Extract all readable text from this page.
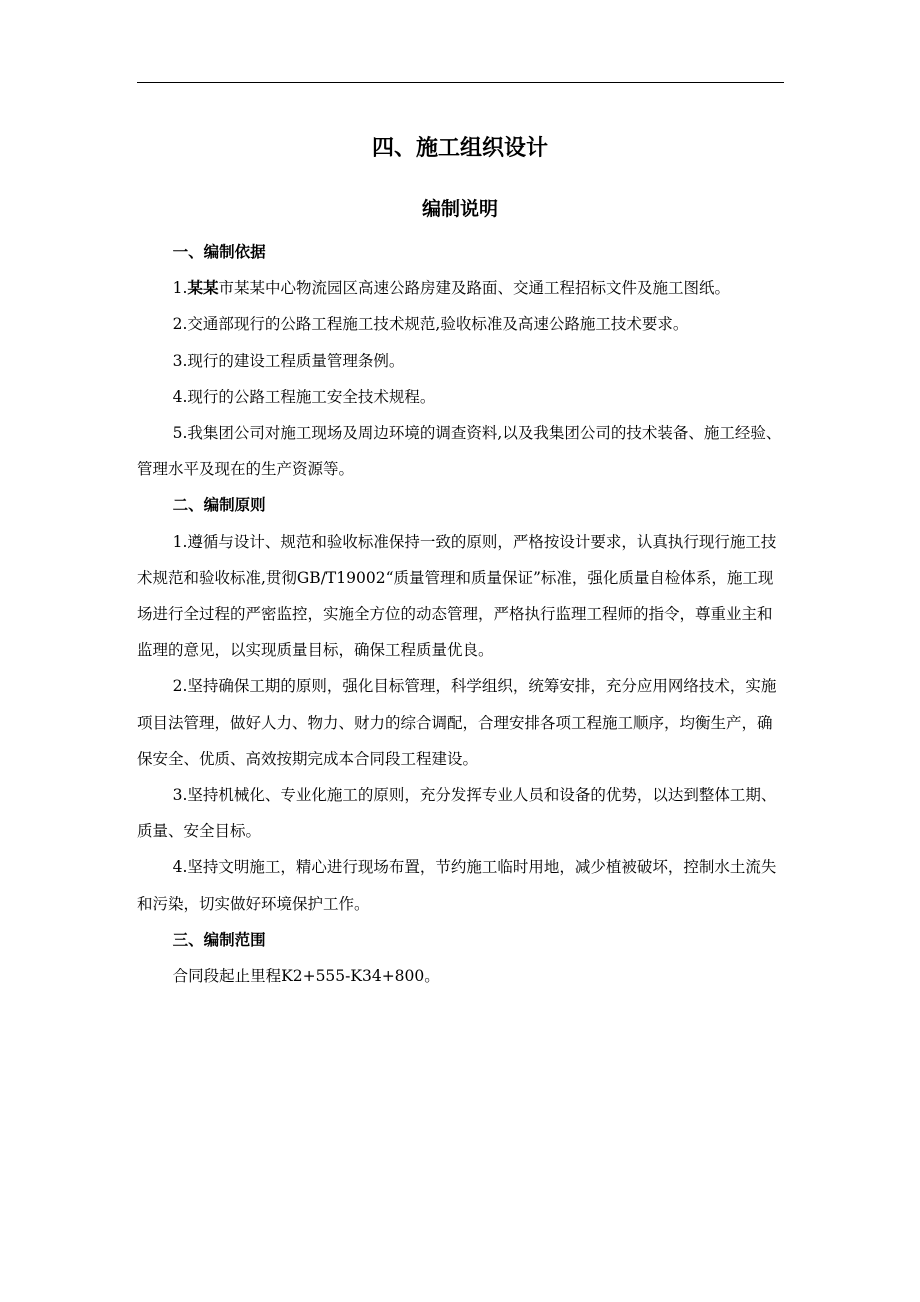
四、施工组织设计
编制说明

一、编制依据

1.某某市某某中心物流园区高速公路房建及路面、交通工程招标文件及施工图纸。

2.交通部现行的公路工程施工技术规范,验收标准及高速公路施工技术要求。

3.现行的建设工程质量管理条例。

4.现行的公路工程施工安全技术规程。

5.我集团公司对施工现场及周边环境的调查资料,以及我集团公司的技术装备、施工经验、管理水平及现在的生产资源等。

二、编制原则

1.遵循与设计、规范和验收标准保持一致的原则，严格按设计要求，认真执行现行施工技术规范和验收标准,贯彻GB/T19002“质量管理和质量保证”标准，强化质量自检体系，施工现场进行全过程的严密监控，实施全方位的动态管理，严格执行监理工程师的指令，尊重业主和监理的意见，以实现质量目标，确保工程质量优良。

2.坚持确保工期的原则，强化目标管理，科学组织，统筹安排，充分应用网络技术，实施项目法管理，做好人力、物力、财力的综合调配，合理安排各项工程施工顺序，均衡生产，确保安全、优质、高效按期完成本合同段工程建设。

3.坚持机械化、专业化施工的原则，充分发挥专业人员和设备的优势，以达到整体工期、质量、安全目标。

4.坚持文明施工，精心进行现场布置，节约施工临时用地，减少植被破坏，控制水土流失和污染，切实做好环境保护工作。

三、编制范围

合同段起止里程K2+555-K34+800。
